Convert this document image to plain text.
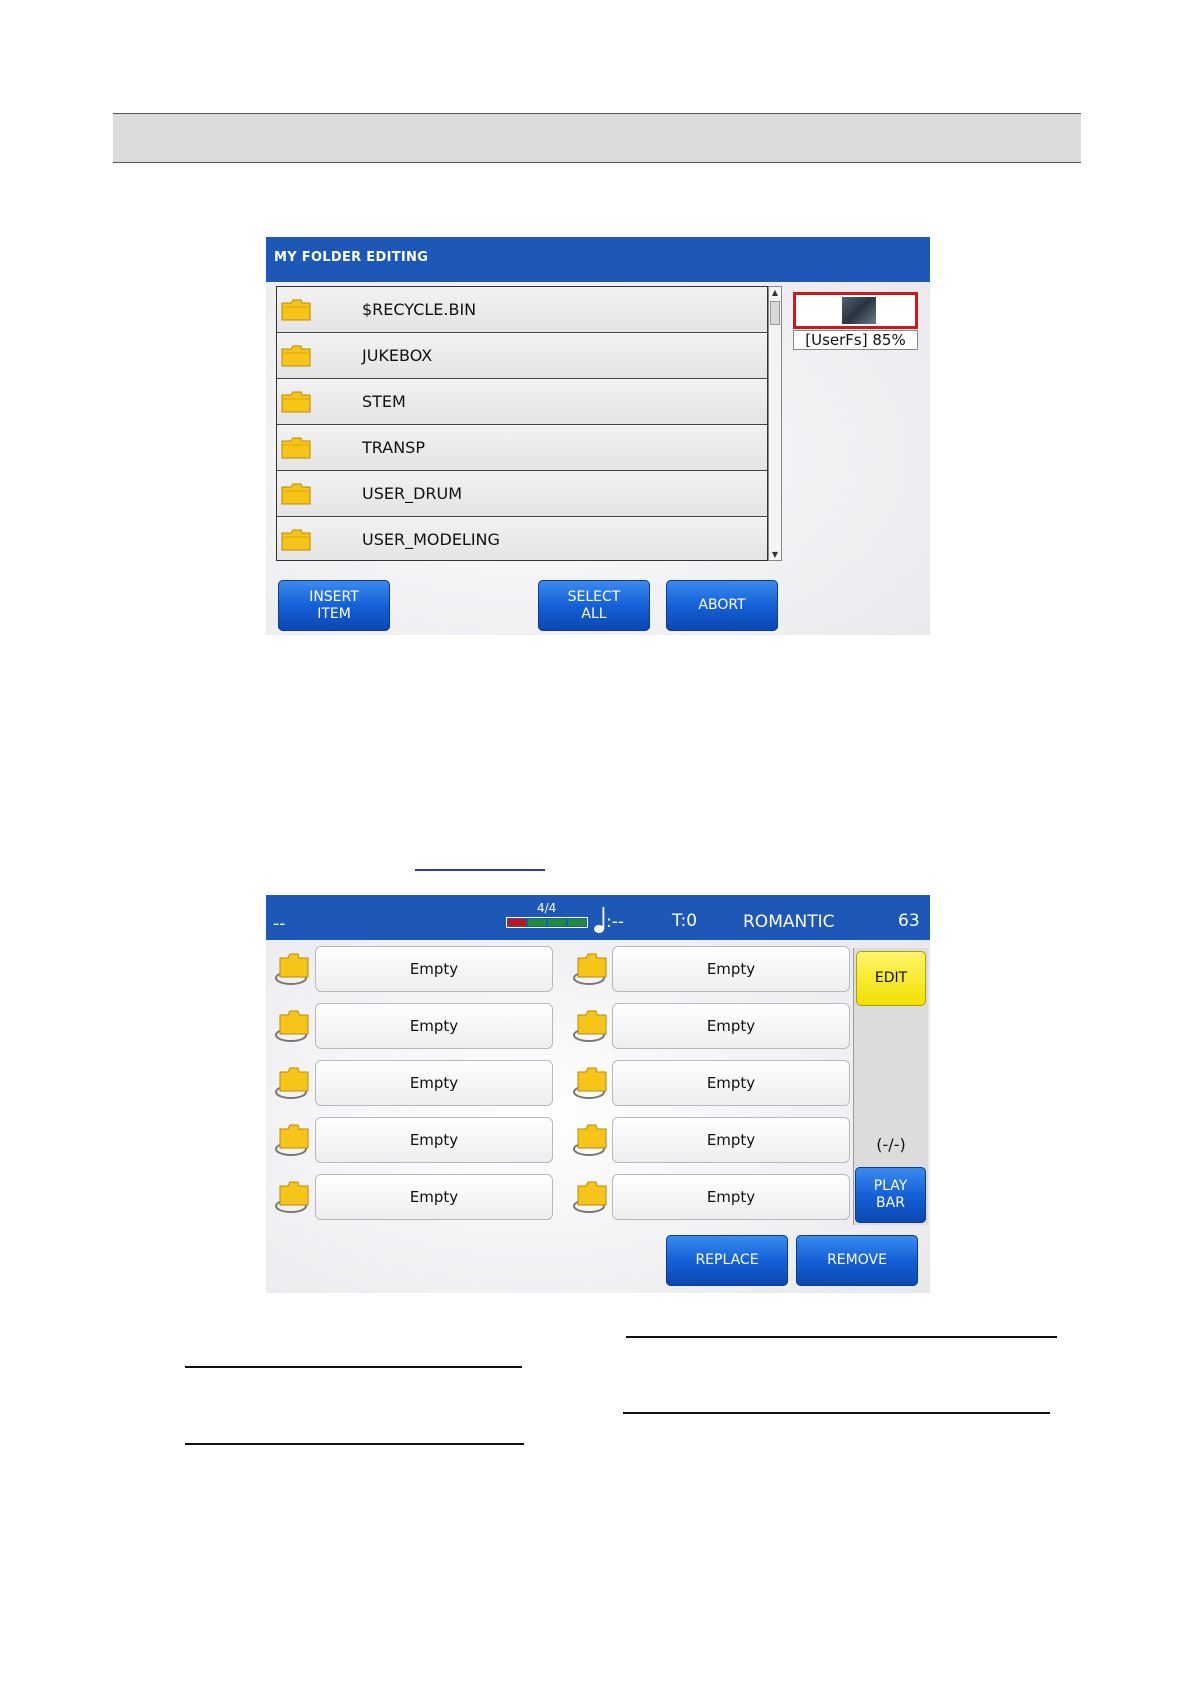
MY FOLDER EDITING
$RECYCLE.BIN
JUKEBOX
STEM
TRANSP
USER_DRUM
USER_MODELING
▲
▼
[UserFs] 85%
INSERT
ITEM
SELECT
ALL
ABORT
--
4/4
:--	T:0	ROMANTIC	63
Empty
Empty
Empty
Empty
Empty
Empty
Empty
Empty
Empty
Empty
EDIT
(-/-)
PLAY
BAR
REPLACE	REMOVE
